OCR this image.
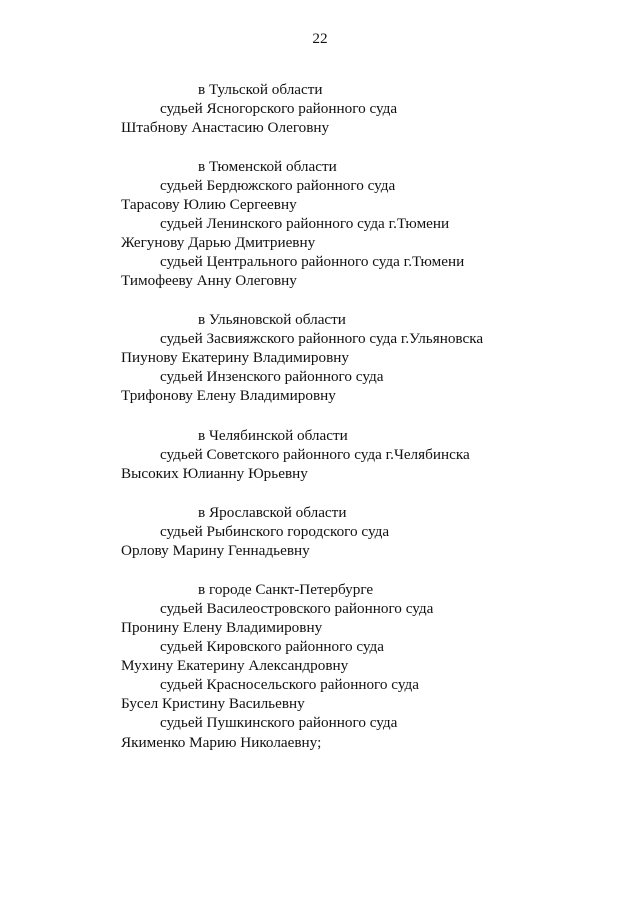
22
в Тульской области
судьей Ясногорского районного суда
Штабнову Анастасию Олеговну
в Тюменской области
судьей Бердюжского районного суда
Тарасову Юлию Сергеевну
судьей Ленинского районного суда г.Тюмени
Жегунову Дарью Дмитриевну
судьей Центрального районного суда г.Тюмени
Тимофееву Анну Олеговну
в Ульяновской области
судьей Засвияжского районного суда г.Ульяновска
Пиунову Екатерину Владимировну
судьей Инзенского районного суда
Трифонову Елену Владимировну
в Челябинской области
судьей Советского районного суда г.Челябинска
Высоких Юлианну Юрьевну
в Ярославской области
судьей Рыбинского городского суда
Орлову Марину Геннадьевну
в городе Санкт-Петербурге
судьей Василеостровского районного суда
Пронину Елену Владимировну
судьей Кировского районного суда
Мухину Екатерину Александровну
судьей Красносельского районного суда
Бусел Кристину Васильевну
судьей Пушкинского районного суда
Якименко Марию Николаевну;
